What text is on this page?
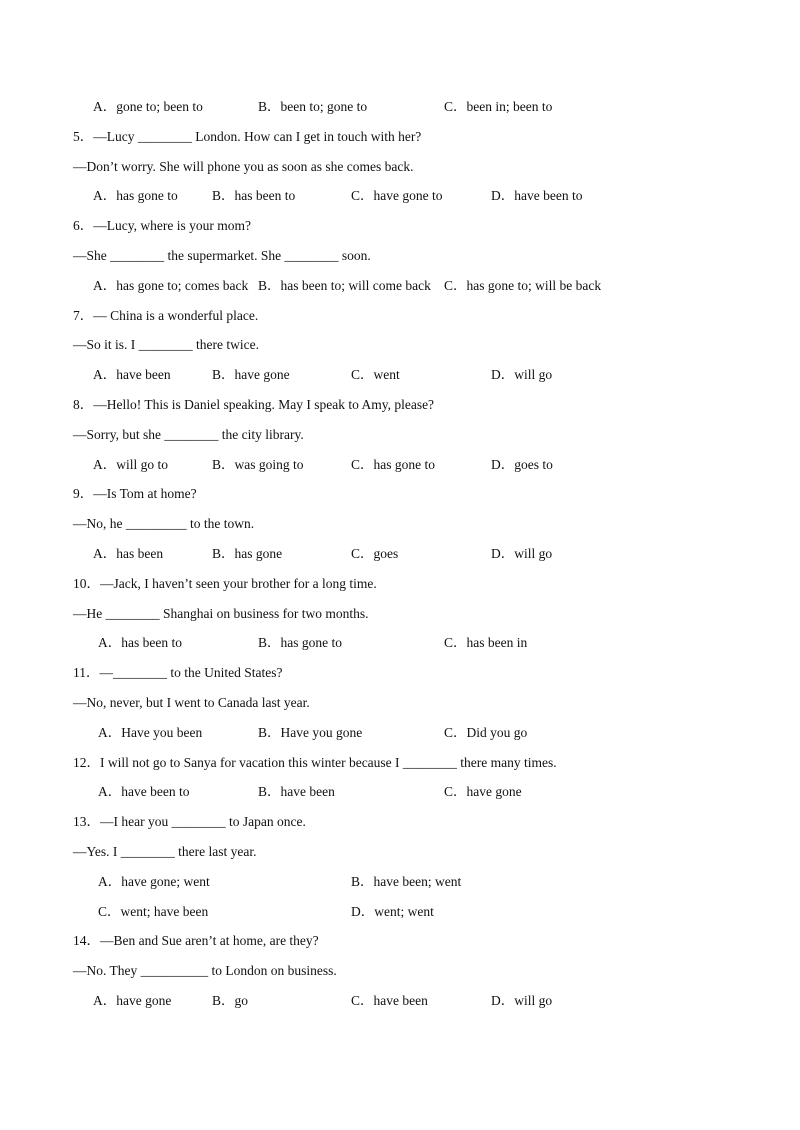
A．gone to; been to	B．been to; gone to	C．been in; been to
5．—Lucy ________ London. How can I get in touch with her?
—Don’t worry. She will phone you as soon as she comes back.
A．has gone to	B．has been to	C．have gone to	D．have been to
6．—Lucy, where is your mom?
—She ________ the supermarket. She ________ soon.
A．has gone to; comes back B．has been to; will come back C．has gone to; will be back
7．— China is a wonderful place.
—So it is. I ________ there twice.
A．have been	B．have gone	C．went	D．will go
8．—Hello! This is Daniel speaking. May I speak to Amy, please?
—Sorry, but she ________ the city library.
A．will go to	B．was going to	C．has gone to	D．goes to
9．—Is Tom at home?
—No, he _________ to the town.
A．has been	B．has gone	C．goes	D．will go
10．—Jack, I haven’t seen your brother for a long time.
—He ________ Shanghai on business for two months.
A．has been to	B．has gone to	C．has been in
11．—________ to the United States?
—No, never, but I went to Canada last year.
A．Have you been	B．Have you gone	C．Did you go
12．I will not go to Sanya for vacation this winter because I ________ there many times.
A．have been to	B．have been	C．have gone
13．—I hear you ________ to Japan once.
—Yes. I ________ there last year.
A．have gone; went	B．have been; went
C．went; have been	D．went; went
14．—Ben and Sue aren’t at home, are they?
—No. They __________ to London on business.
A．have gone	B．go	C．have been	D．will go
